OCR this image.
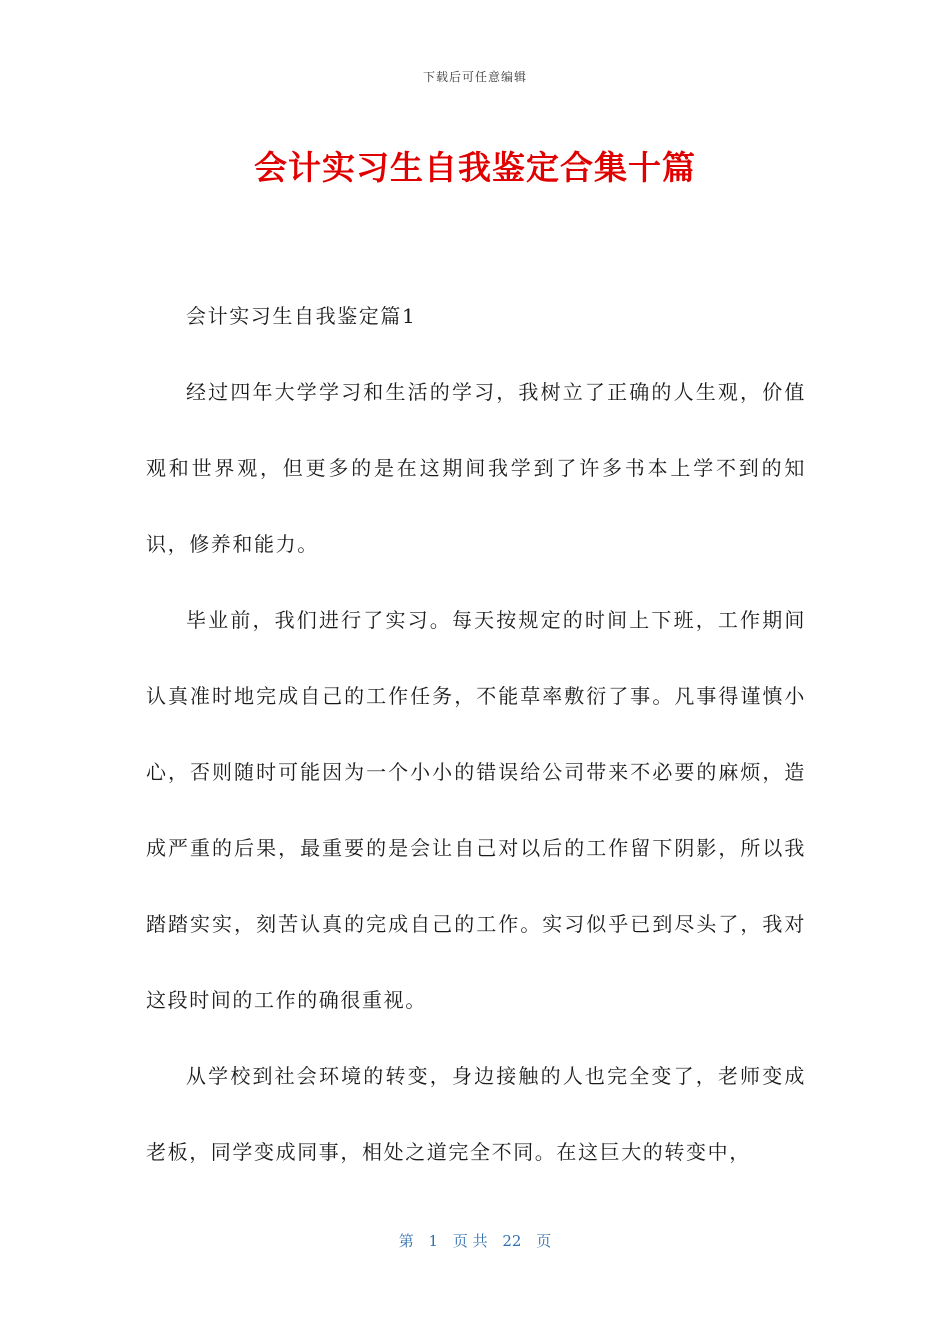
下载后可任意编辑
会计实习生自我鉴定合集十篇

会计实习生自我鉴定篇1

经过四年大学学习和生活的学习，我树立了正确的人生观，价值观和世界观，但更多的是在这期间我学到了许多书本上学不到的知识，修养和能力。

毕业前，我们进行了实习。每天按规定的时间上下班，工作期间认真准时地完成自己的工作任务，不能草率敷衍了事。凡事得谨慎小心，否则随时可能因为一个小小的错误给公司带来不必要的麻烦，造成严重的后果，最重要的是会让自己对以后的工作留下阴影，所以我踏踏实实，刻苦认真的完成自己的工作。实习似乎已到尽头了，我对这段时间的工作的确很重视。

从学校到社会环境的转变，身边接触的人也完全变了，老师变成老板，同学变成同事，相处之道完全不同。在这巨大的转变中，

第 1 页 共 22 页
